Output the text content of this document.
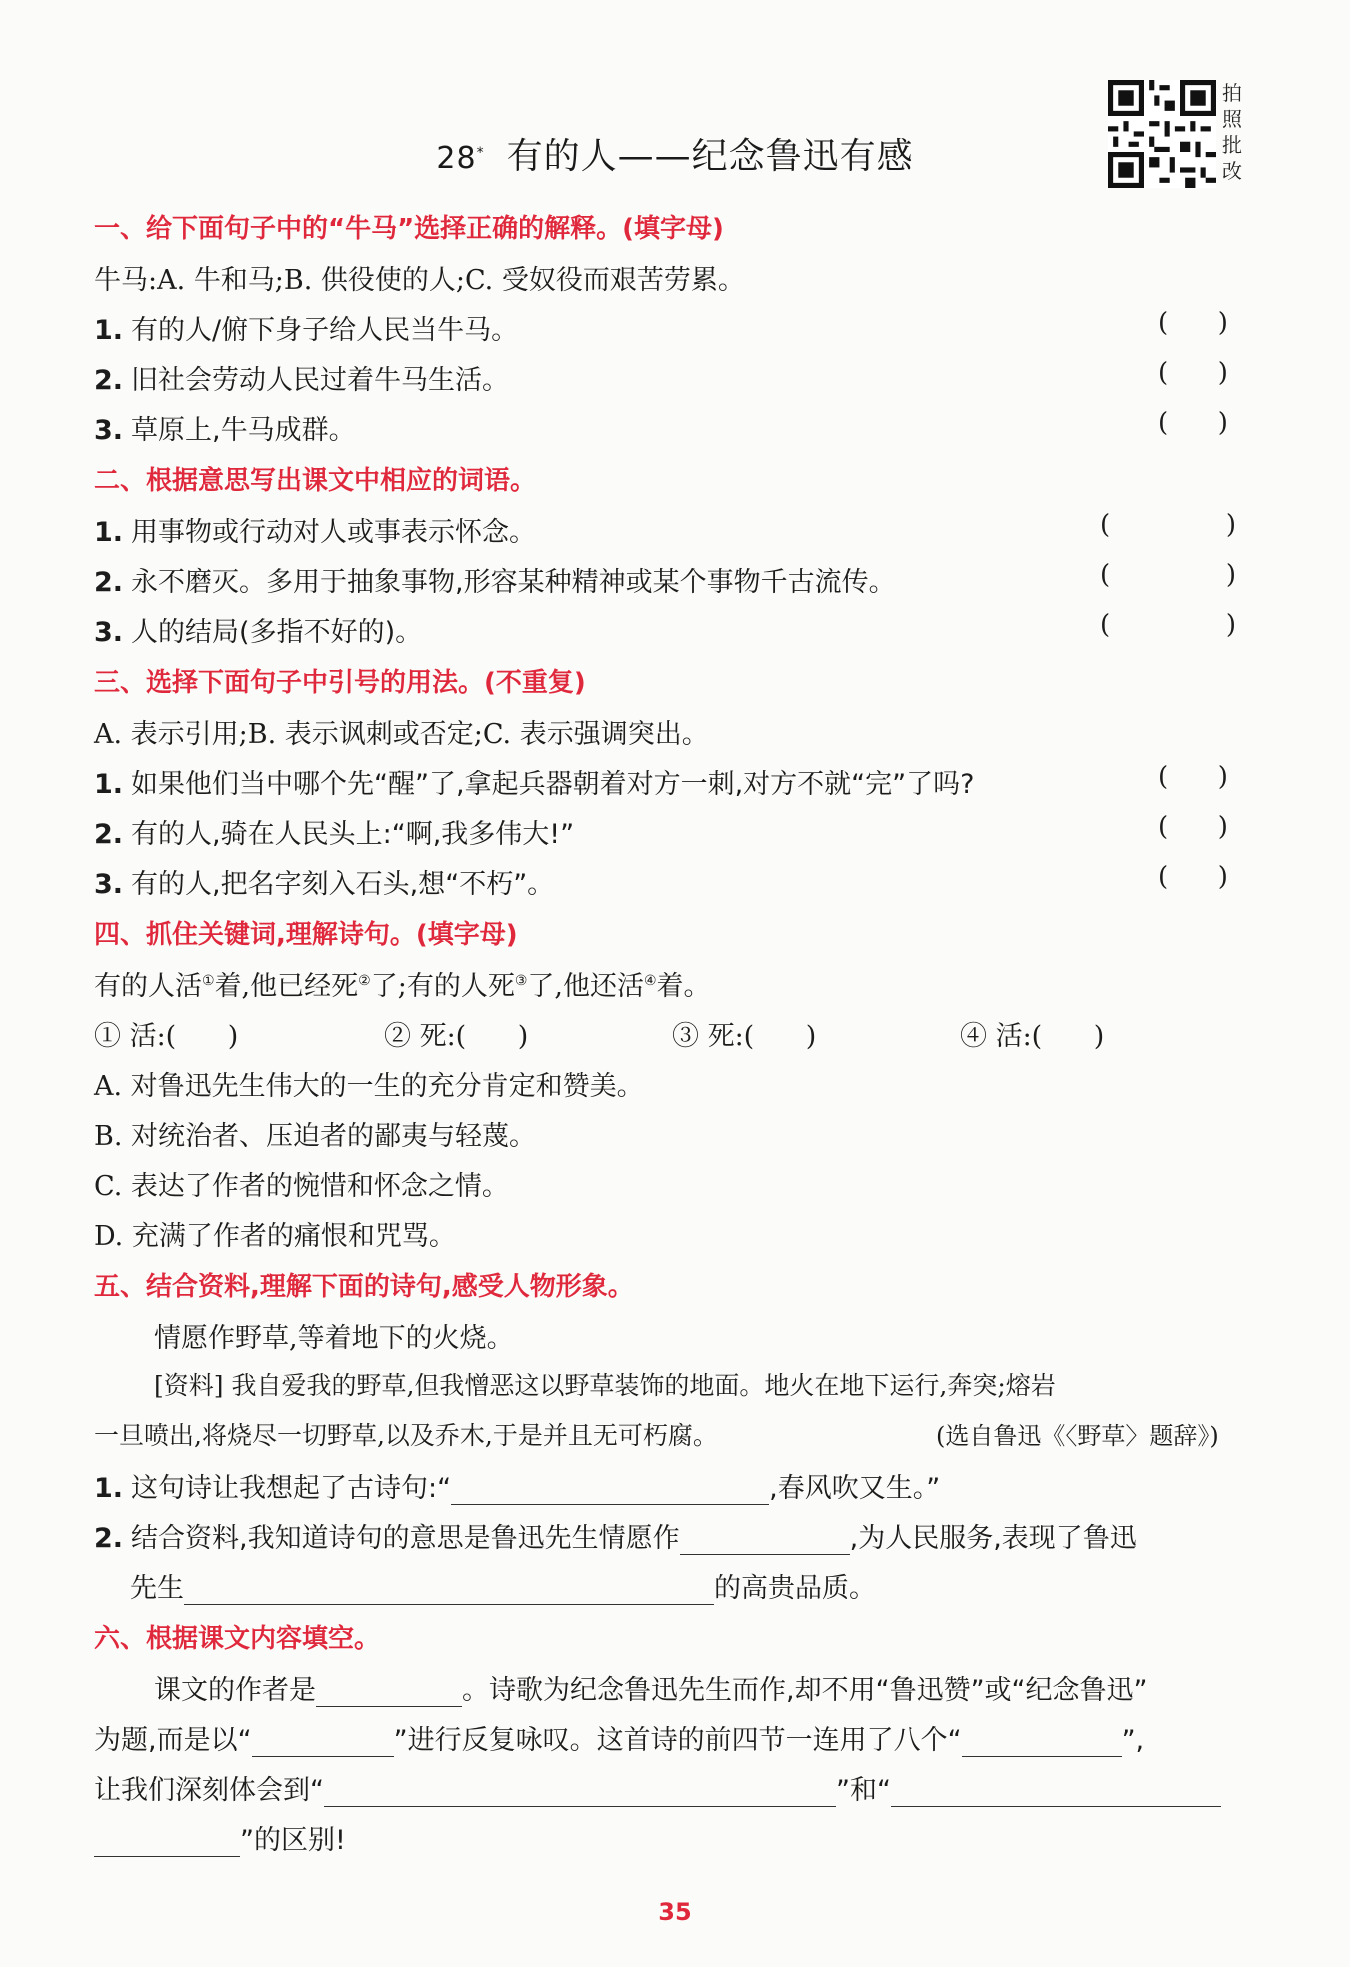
28* 有的人——纪念鲁迅有感
拍照批改
一、给下面句子中的“牛马”选择正确的解释。(填字母)
牛马:A. 牛和马;B. 供役使的人;C. 受奴役而艰苦劳累。
1. 有的人/俯下身子给人民当牛马。	(      )
2. 旧社会劳动人民过着牛马生活。	(      )
3. 草原上,牛马成群。	(      )
二、根据意思写出课文中相应的词语。
1. 用事物或行动对人或事表示怀念。	(              )
2. 永不磨灭。多用于抽象事物,形容某种精神或某个事物千古流传。	(              )
3. 人的结局(多指不好的)。	(              )
三、选择下面句子中引号的用法。(不重复)
A. 表示引用;B. 表示讽刺或否定;C. 表示强调突出。
1. 如果他们当中哪个先“醒”了,拿起兵器朝着对方一刺,对方不就“完”了吗?	(      )
2. 有的人,骑在人民头上:“啊,我多伟大!”	(      )
3. 有的人,把名字刻入石头,想“不朽”。	(      )
四、抓住关键词,理解诗句。(填字母)
有的人活①着,他已经死②了;有的人死③了,他还活④着。
① 活:(      )	② 死:(      )	③ 死:(      )	④ 活:(      )
A. 对鲁迅先生伟大的一生的充分肯定和赞美。
B. 对统治者、压迫者的鄙夷与轻蔑。
C. 表达了作者的惋惜和怀念之情。
D. 充满了作者的痛恨和咒骂。
五、结合资料,理解下面的诗句,感受人物形象。
情愿作野草,等着地下的火烧。
[资料] 我自爱我的野草,但我憎恶这以野草装饰的地面。地火在地下运行,奔突;熔岩
一旦喷出,将烧尽一切野草,以及乔木,于是并且无可朽腐。	(选自鲁迅《〈野草〉题辞》)
1. 这句诗让我想起了古诗句:“	,春风吹又生。”
2. 结合资料,我知道诗句的意思是鲁迅先生情愿作	,为人民服务,表现了鲁迅
先生	的高贵品质。
六、根据课文内容填空。
课文的作者是	。诗歌为纪念鲁迅先生而作,却不用“鲁迅赞”或“纪念鲁迅”
为题,而是以“	”进行反复咏叹。这首诗的前四节一连用了八个“	”,
让我们深刻体会到“	”和“
”的区别!
35
